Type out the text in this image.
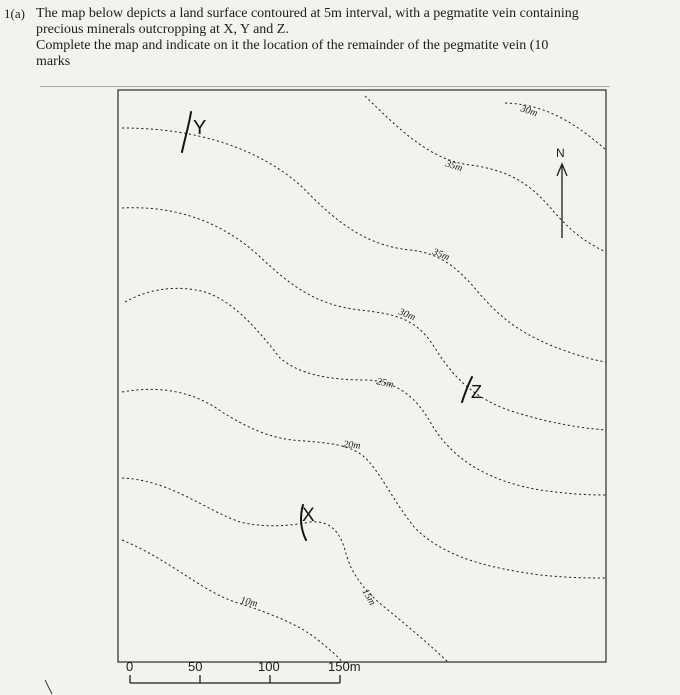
1(a) The map below depicts a land surface contoured at 5m interval, with a pegmatite vein containing
precious minerals outcropping at X, Y and Z.
Complete the map and indicate on it the location of the remainder of the pegmatite vein (10
marks
30m
35m
35m
30m
25m
20m
15m
10m
Y
Z
X
N
0	50	100	150m
